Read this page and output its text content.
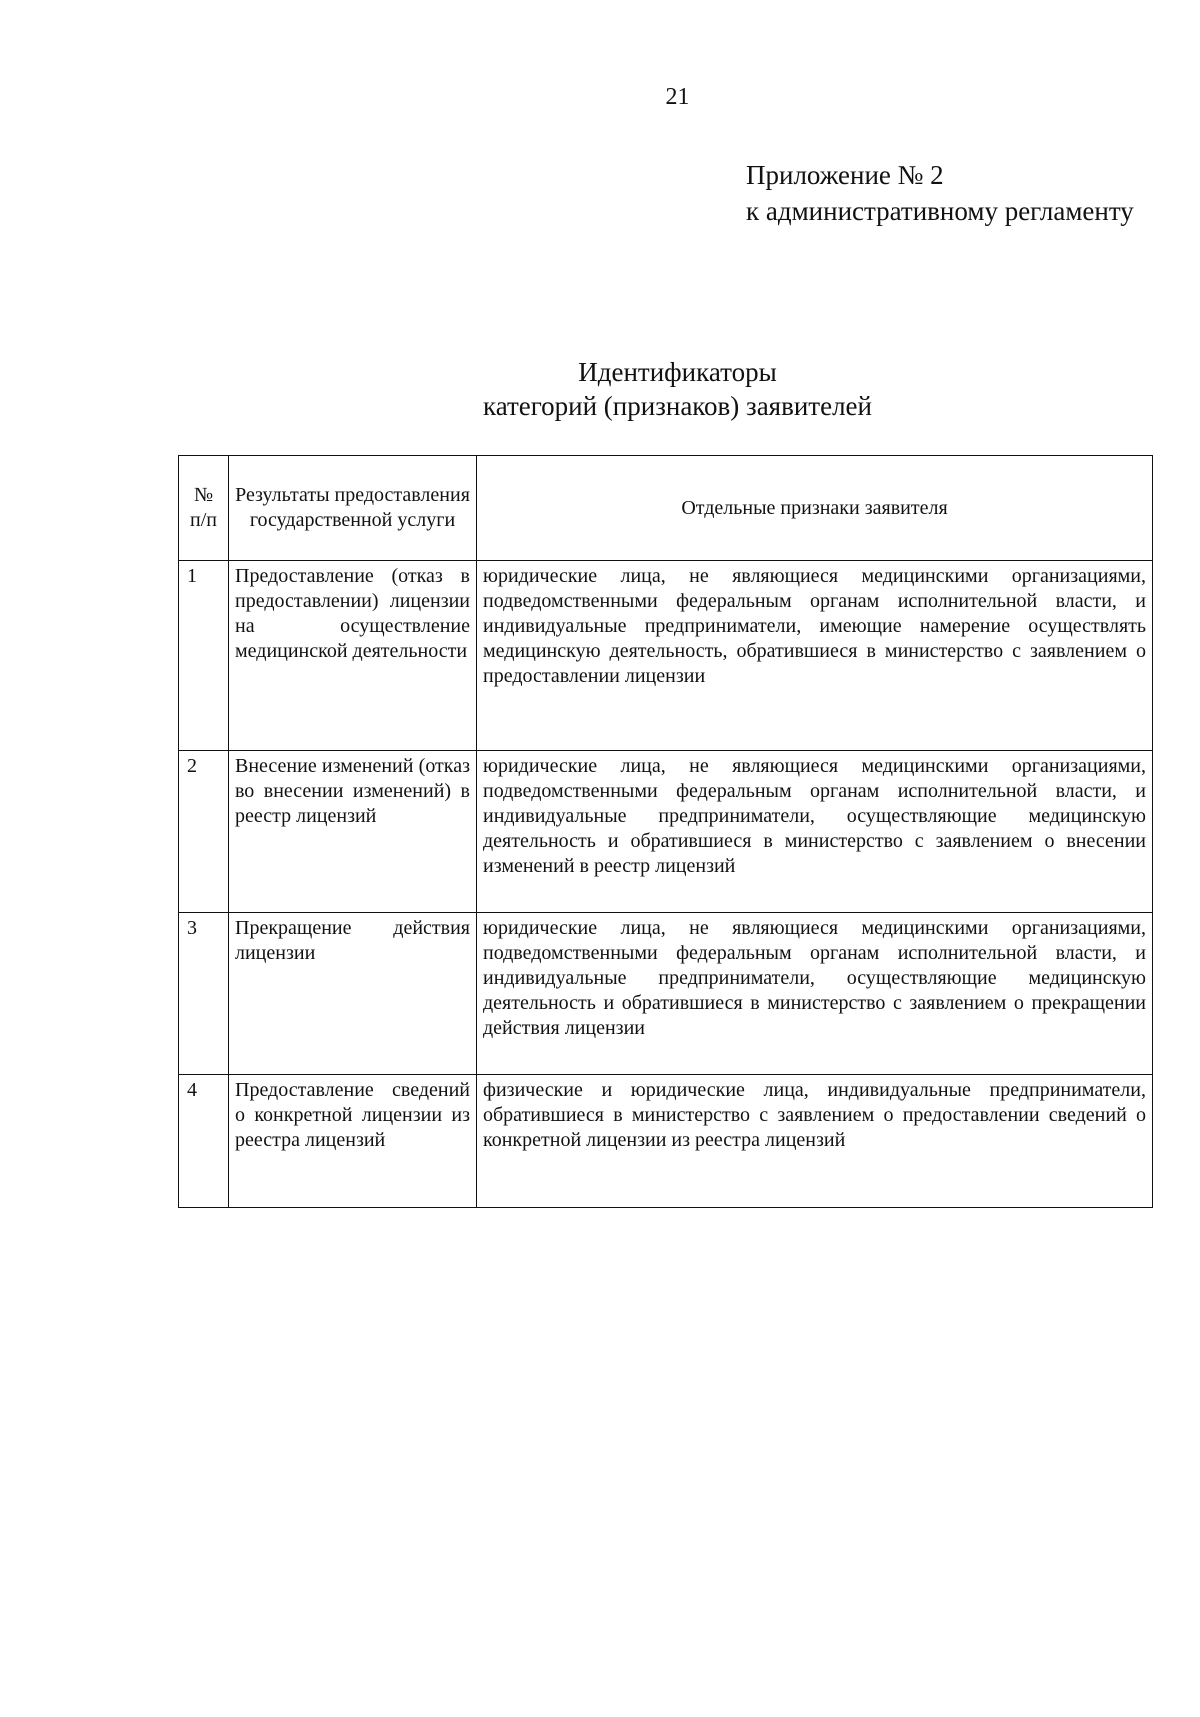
21
Приложение № 2
к административному регламенту
Идентификаторы
категорий (признаков) заявителей
№ п/п	Результаты предоставления государственной услуги	Отдельные признаки заявителя
1	Предоставление (отказ в предоставлении) лицензии на осуществление медицинской деятельности	юридические лица, не являющиеся медицинскими организациями, подведомственными федеральным органам исполнительной власти, и индивидуальные предприниматели, имеющие намерение осуществлять медицинскую деятельность, обратившиеся в министерство с заявлением о предоставлении лицензии
2	Внесение изменений (отказ во внесении изменений) в реестр лицензий	юридические лица, не являющиеся медицинскими организациями, подведомственными федеральным органам исполнительной власти, и индивидуальные предприниматели, осуществляющие медицинскую деятельность и обратившиеся в министерство с заявлением о внесении изменений в реестр лицензий
3	Прекращение действия лицензии	юридические лица, не являющиеся медицинскими организациями, подведомственными федеральным органам исполнительной власти, и индивидуальные предприниматели, осуществляющие медицинскую деятельность и обратившиеся в министерство с заявлением о прекращении действия лицензии
4	Предоставление сведений о конкретной лицензии из реестра лицензий	физические и юридические лица, индивидуальные предприниматели, обратившиеся в министерство с заявлением о предоставлении сведений о конкретной лицензии из реестра лицензий
